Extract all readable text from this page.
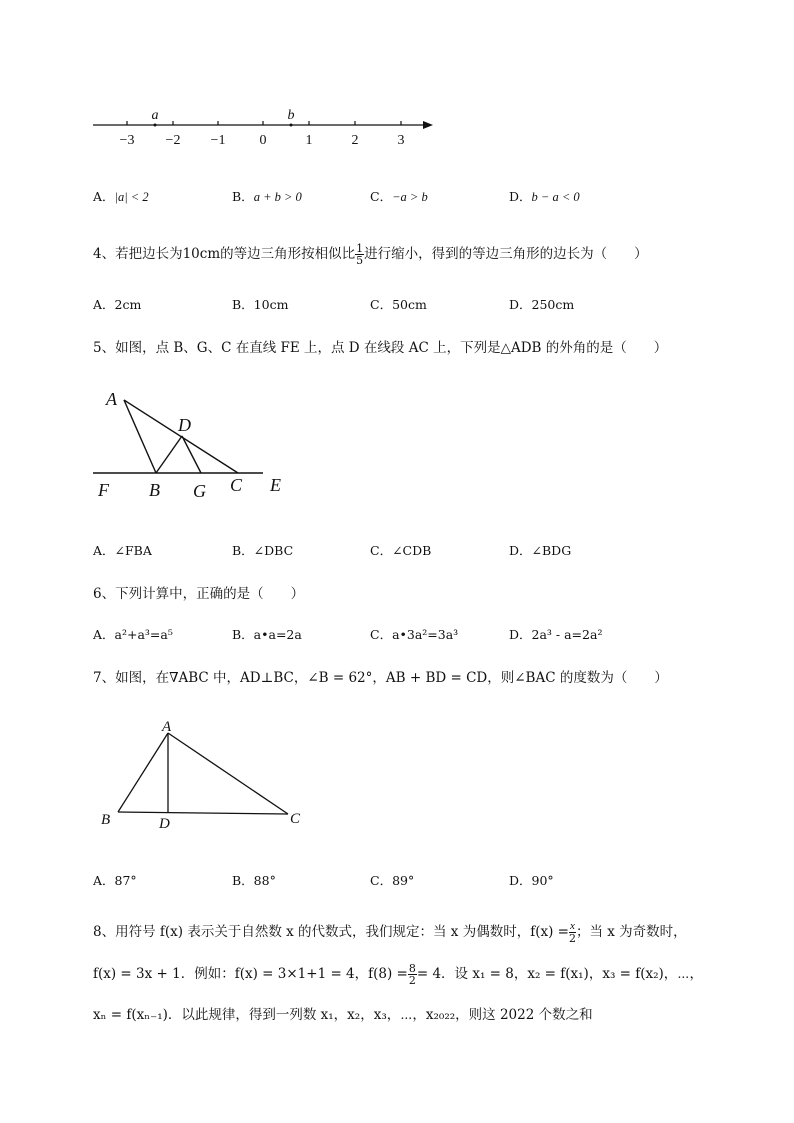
−3 −2 −1 0	1	2	3
a	b
A．|a| < 2	B．a + b > 0	C．−a > b	D．b − a < 0
4、若把边长为10cm的等边三角形按相似比 $\frac{1}{5}$ 进行缩小，得到的等边三角形的边长为（　　）
A．2cm	B．10cm	C．50cm	D．250cm
5、如图，点 B、G、C 在直线 FE 上，点 D 在线段 AC 上，下列是△ADB 的外角的是（　　）
A
D
F B G C E
A．∠FBA	B．∠DBC	C．∠CDB	D．∠BDG
6、下列计算中，正确的是（　　）
A．a²+a³=a⁵	B．a•a=2a	C．a•3a²=3a³	D．2a³ - a=2a²
7、如图，在∇ABC 中，AD⊥BC，∠B = 62°，AB + BD = CD，则∠BAC 的度数为（　　）
A
B	D	C
A．87°	B．88°	C．89°	D．90°
8、用符号 f(x) 表示关于自然数 x 的代数式，我们规定：当 x 为偶数时，$f(x) = \frac{x}{2}$ ；当 x 为奇数时，
f(x) = 3x + 1．例如：f(x) = 3×1+1 = 4，$f(8) = \frac{8}{2} = 4$．设 x₁ = 8，x₂ = f(x₁)，x₃ = f(x₂)，⋯，
xₙ = f(xₙ₋₁)．以此规律，得到一列数 x₁，x₂，x₃，⋯，x₂₀₂₂，则这 2022 个数之和
